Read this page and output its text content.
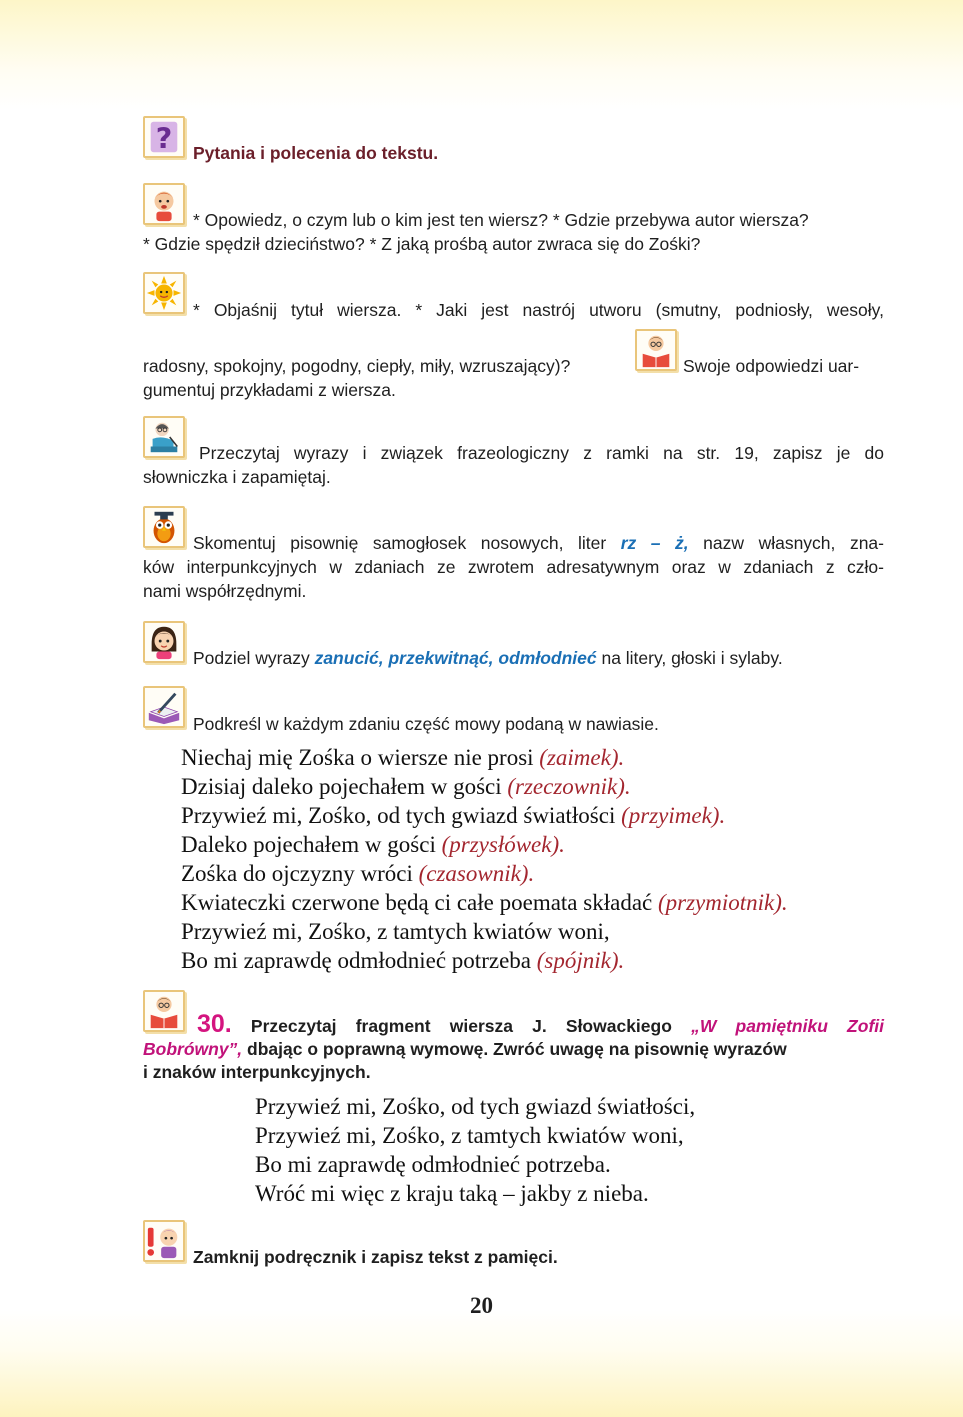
? Pytania i polecenia do tekstu.
* Opowiedz, o czym lub o kim jest ten wiersz? * Gdzie przebywa autor wiersza?
* Gdzie spędził dzieciństwo? * Z jaką prośbą autor zwraca się do Zośki?
* Objaśnij tytuł wiersza. * Jaki jest nastrój utworu (smutny, podniosły, wesoły,
radosny, spokojny, pogodny, ciepły, miły, wzruszający)?	Swoje odpowiedzi uar-
gumentuj przykładami z wiersza.
Przeczytaj wyrazy i związek frazeologiczny z ramki na str. 19, zapisz je do
słowniczka i zapamiętaj.
Skomentuj pisownię samogłosek nosowych, liter rz – ż, nazw własnych, zna-
ków interpunkcyjnych w zdaniach ze zwrotem adresatywnym oraz w zdaniach z czło-
nami współrzędnymi.
Podziel wyrazy zanucić, przekwitnąć, odmłodnieć na litery, głoski i sylaby.
Podkreśl w każdym zdaniu część mowy podaną w nawiasie.
Niechaj mię Zośka o wiersze nie prosi (zaimek).
Dzisiaj daleko pojechałem w gości (rzeczownik).
Przywieź mi, Zośko, od tych gwiazd światłości (przyimek).
Daleko pojechałem w gości (przysłówek).
Zośka do ojczyzny wróci (czasownik).
Kwiateczki czerwone będą ci całe poemata składać (przymiotnik).
Przywieź mi, Zośko, z tamtych kwiatów woni,
Bo mi zaprawdę odmłodnieć potrzeba (spójnik).
30. Przeczytaj fragment wiersza J. Słowackiego „W pamiętniku Zofii
Bobrówny”, dbając o poprawną wymowę. Zwróć uwagę na pisownię wyrazów
i znaków interpunkcyjnych.
Przywieź mi, Zośko, od tych gwiazd światłości,
Przywieź mi, Zośko, z tamtych kwiatów woni,
Bo mi zaprawdę odmłodnieć potrzeba.
Wróć mi więc z kraju taką – jakby z nieba.
Zamknij podręcznik i zapisz tekst z pamięci.
20
